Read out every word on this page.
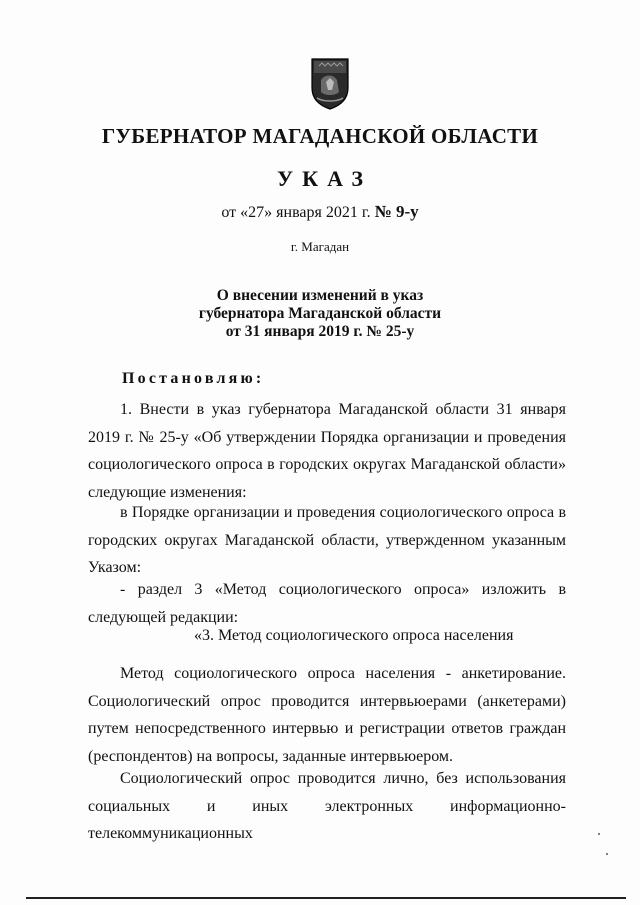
ГУБЕРНАТОР МАГАДАНСКОЙ ОБЛАСТИ
УКАЗ
от «27» января 2021 г. № 9-у
г. Магадан
О внесении изменений в указ
губернатора Магаданской области
от 31 января 2019 г. № 25-у
Постановляю:
1. Внести в указ губернатора Магаданской области 31 января 2019 г. № 25-у «Об утверждении Порядка организации и проведения социологического опроса в городских округах Магаданской области» следующие изменения:
в Порядке организации и проведения социологического опроса в городских округах Магаданской области, утвержденном указанным Указом:
- раздел 3 «Метод социологического опроса» изложить в следующей редакции:
«3. Метод социологического опроса населения
Метод социологического опроса населения - анкетирование. Социологический опрос проводится интервьюерами (анкетерами) путем непосредственного интервью и регистрации ответов граждан (респондентов) на вопросы, заданные интервьюером.
Социологический опрос проводится лично, без использования социальных и иных электронных информационно-телекоммуникационных
